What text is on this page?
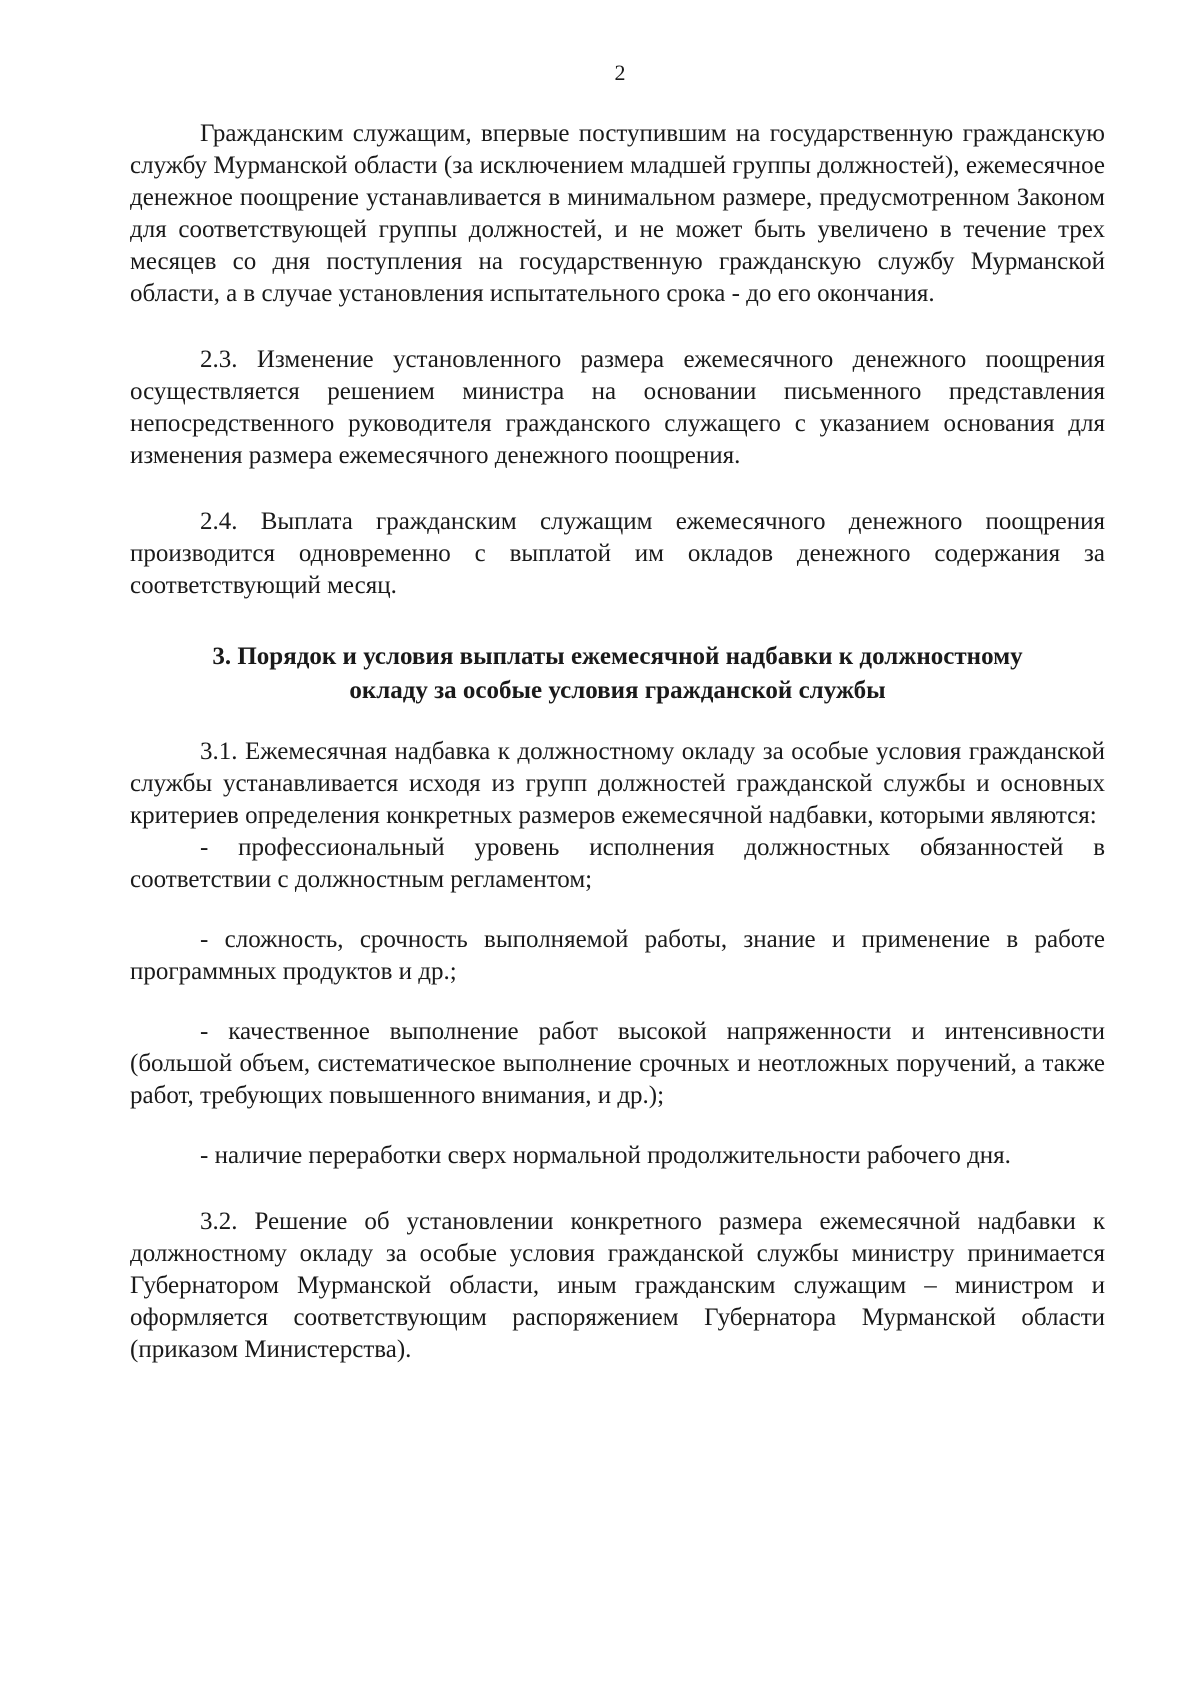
2

Гражданским служащим, впервые поступившим на государственную гражданскую службу Мурманской области (за исключением младшей группы должностей), ежемесячное денежное поощрение устанавливается в минимальном размере, предусмотренном Законом для соответствующей группы должностей, и не может быть увеличено в течение трех месяцев со дня поступления на государственную гражданскую службу Мурманской области, а в случае установления испытательного срока - до его окончания.

2.3. Изменение установленного размера ежемесячного денежного поощрения осуществляется решением министра на основании письменного представления непосредственного руководителя гражданского служащего с указанием основания для изменения размера ежемесячного денежного поощрения.

2.4. Выплата гражданским служащим ежемесячного денежного поощрения производится одновременно с выплатой им окладов денежного содержания за соответствующий месяц.

3. Порядок и условия выплаты ежемесячной надбавки к должностному
окладу за особые условия гражданской службы

3.1. Ежемесячная надбавка к должностному окладу за особые условия гражданской службы устанавливается исходя из групп должностей гражданской службы и основных критериев определения конкретных размеров ежемесячной надбавки, которыми являются:

- профессиональный уровень исполнения должностных обязанностей в соответствии с должностным регламентом;

- сложность, срочность выполняемой работы, знание и применение в работе программных продуктов и др.;

- качественное выполнение работ высокой напряженности и интенсивности (большой объем, систематическое выполнение срочных и неотложных поручений, а также работ, требующих повышенного внимания, и др.);

- наличие переработки сверх нормальной продолжительности рабочего дня.

3.2. Решение об установлении конкретного размера ежемесячной надбавки к должностному окладу за особые условия гражданской службы министру принимается Губернатором Мурманской области, иным гражданским служащим – министром и оформляется соответствующим распоряжением Губернатора Мурманской области (приказом Министерства).
